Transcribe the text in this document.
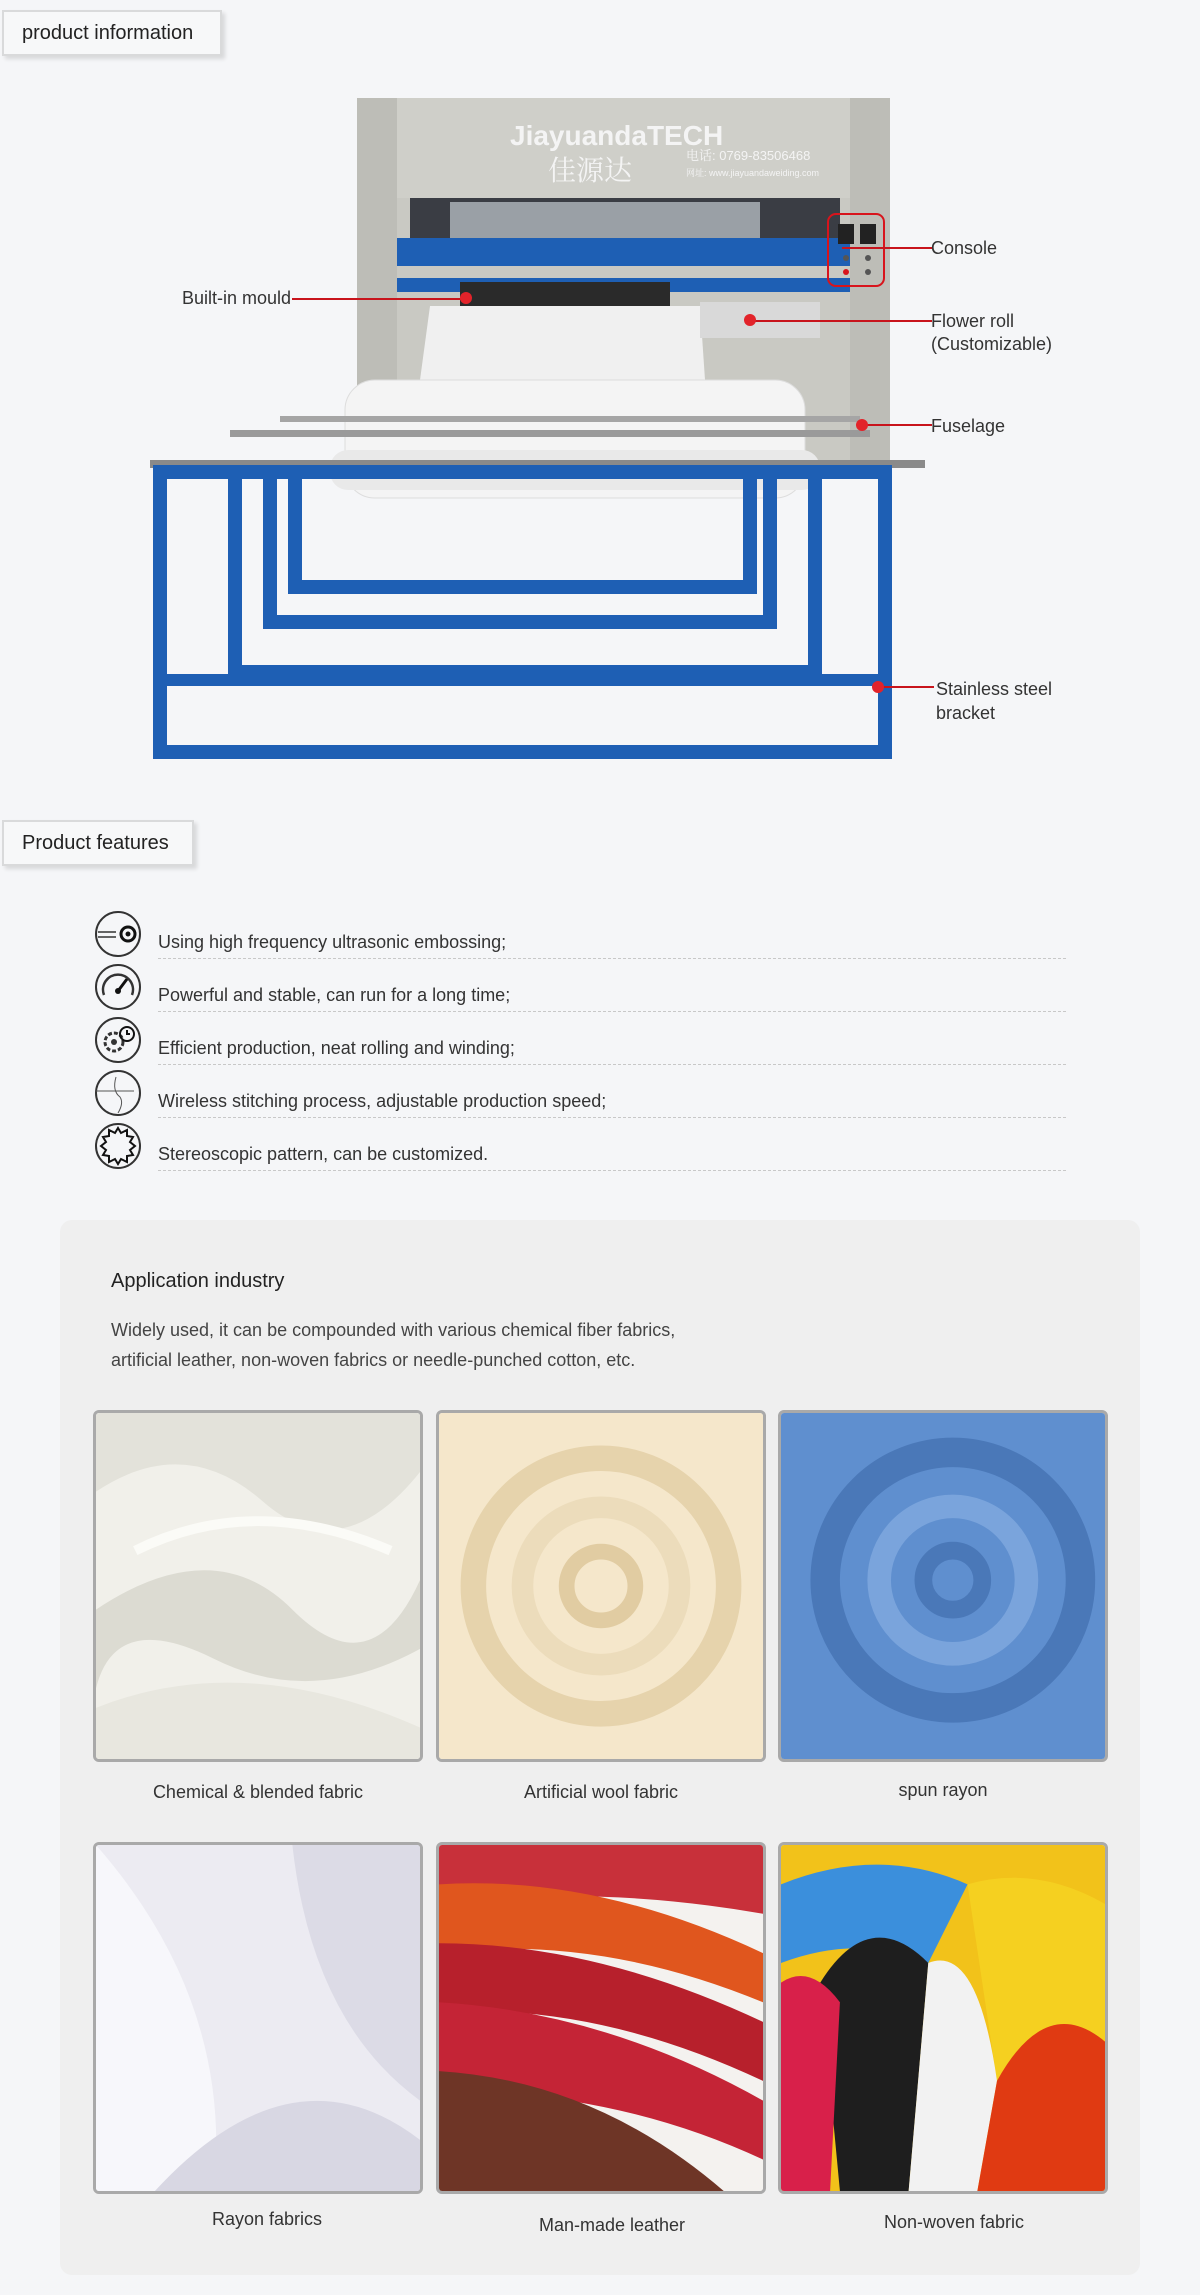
product information
JiayuandaTECH
佳源达	电话: 0769-83506468
网址: www.jiayuandaweiding.com
Console
Built-in mould
Flower roll
(Customizable)
Fuselage
Stainless steel
bracket
Product features
Using high frequency ultrasonic embossing;
Powerful and stable, can run for a long time;
Efficient production, neat rolling and winding;
Wireless stitching process, adjustable production speed;
Stereoscopic pattern, can be customized.
Application industry
Widely used, it can be compounded with various chemical fiber fabrics,
artificial leather, non-woven fabrics or needle-punched cotton, etc.
Chemical & blended fabric	Artificial wool fabric	spun rayon
Rayon fabrics	Man-made leather	Non-woven fabric
